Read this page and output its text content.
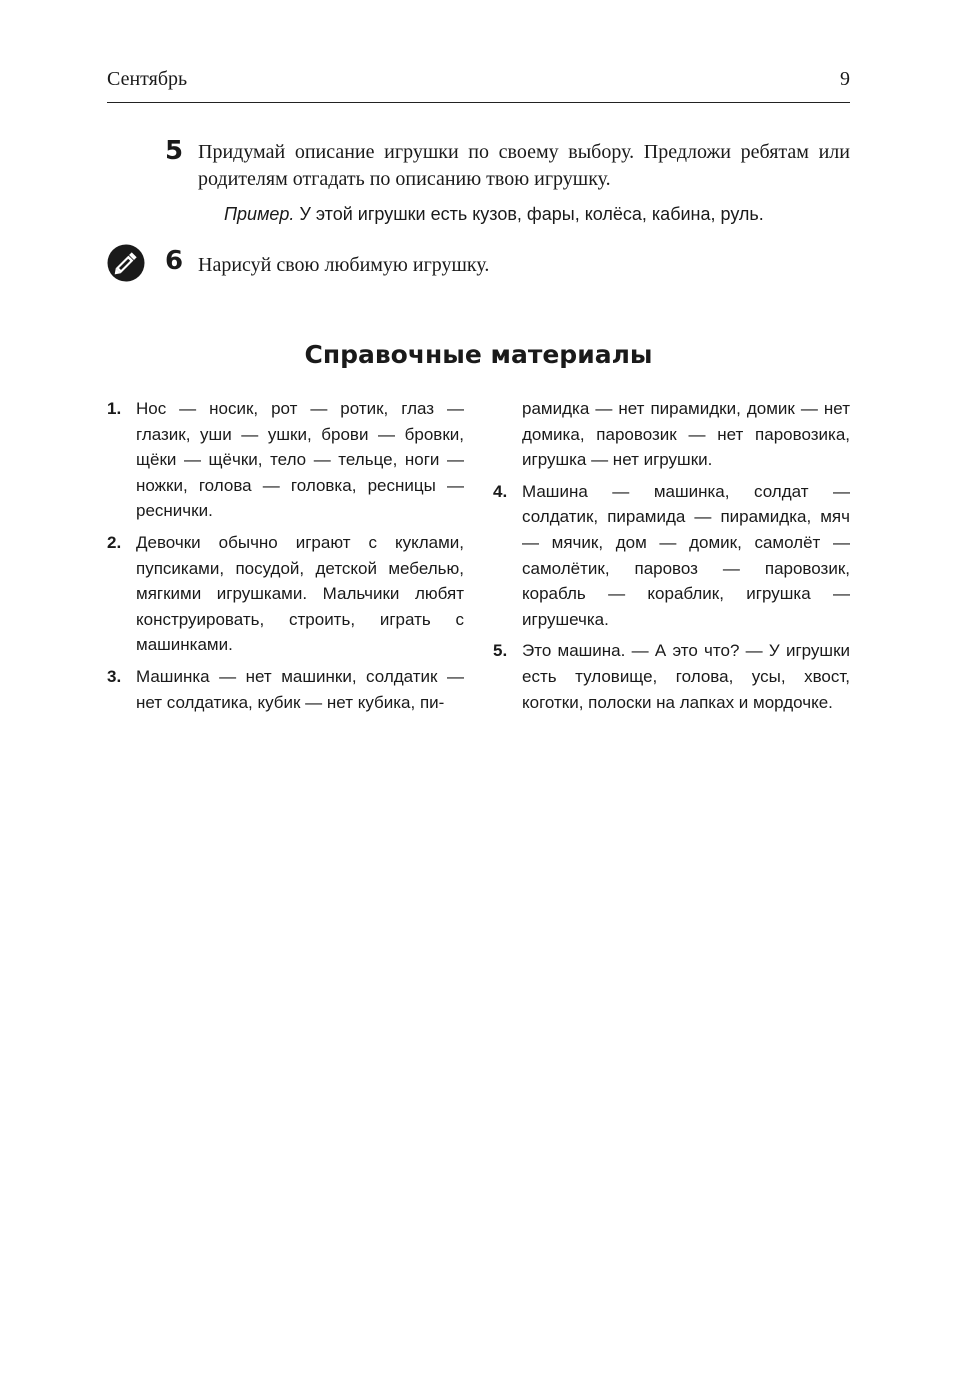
Сентябрь	9
5 Придумай описание игрушки по своему выбору. Предложи ребятам или родителям отгадать по описанию твою игрушку.
Пример. У этой игрушки есть кузов, фары, колёса, кабина, руль.
6 Нарисуй свою любимую игрушку.
Справочные материалы
1. Нос — носик, рот — ротик, глаз — глазик, уши — ушки, брови — бровки, щёки — щёчки, тело — тельце, ноги — ножки, голова — головка, ресницы — реснички.
2. Девочки обычно играют с куклами, пупсиками, посудой, детской мебелью, мягкими игрушками. Мальчики любят конструировать, строить, играть с машинками.
3. Машинка — нет машинки, солдатик — нет солдатика, кубик — нет кубика, пи-
рамидка — нет пирамидки, домик — нет домика, паровозик — нет паровозика, игрушка — нет игрушки.
4. Машина — машинка, солдат — солдатик, пирамида — пирамидка, мяч — мячик, дом — домик, самолёт — самолётик, паровоз — паровозик, корабль — кораблик, игрушка — игрушечка.
5. Это машина. — А это что? — У игрушки есть туловище, голова, усы, хвост, коготки, полоски на лапках и мордочке.
